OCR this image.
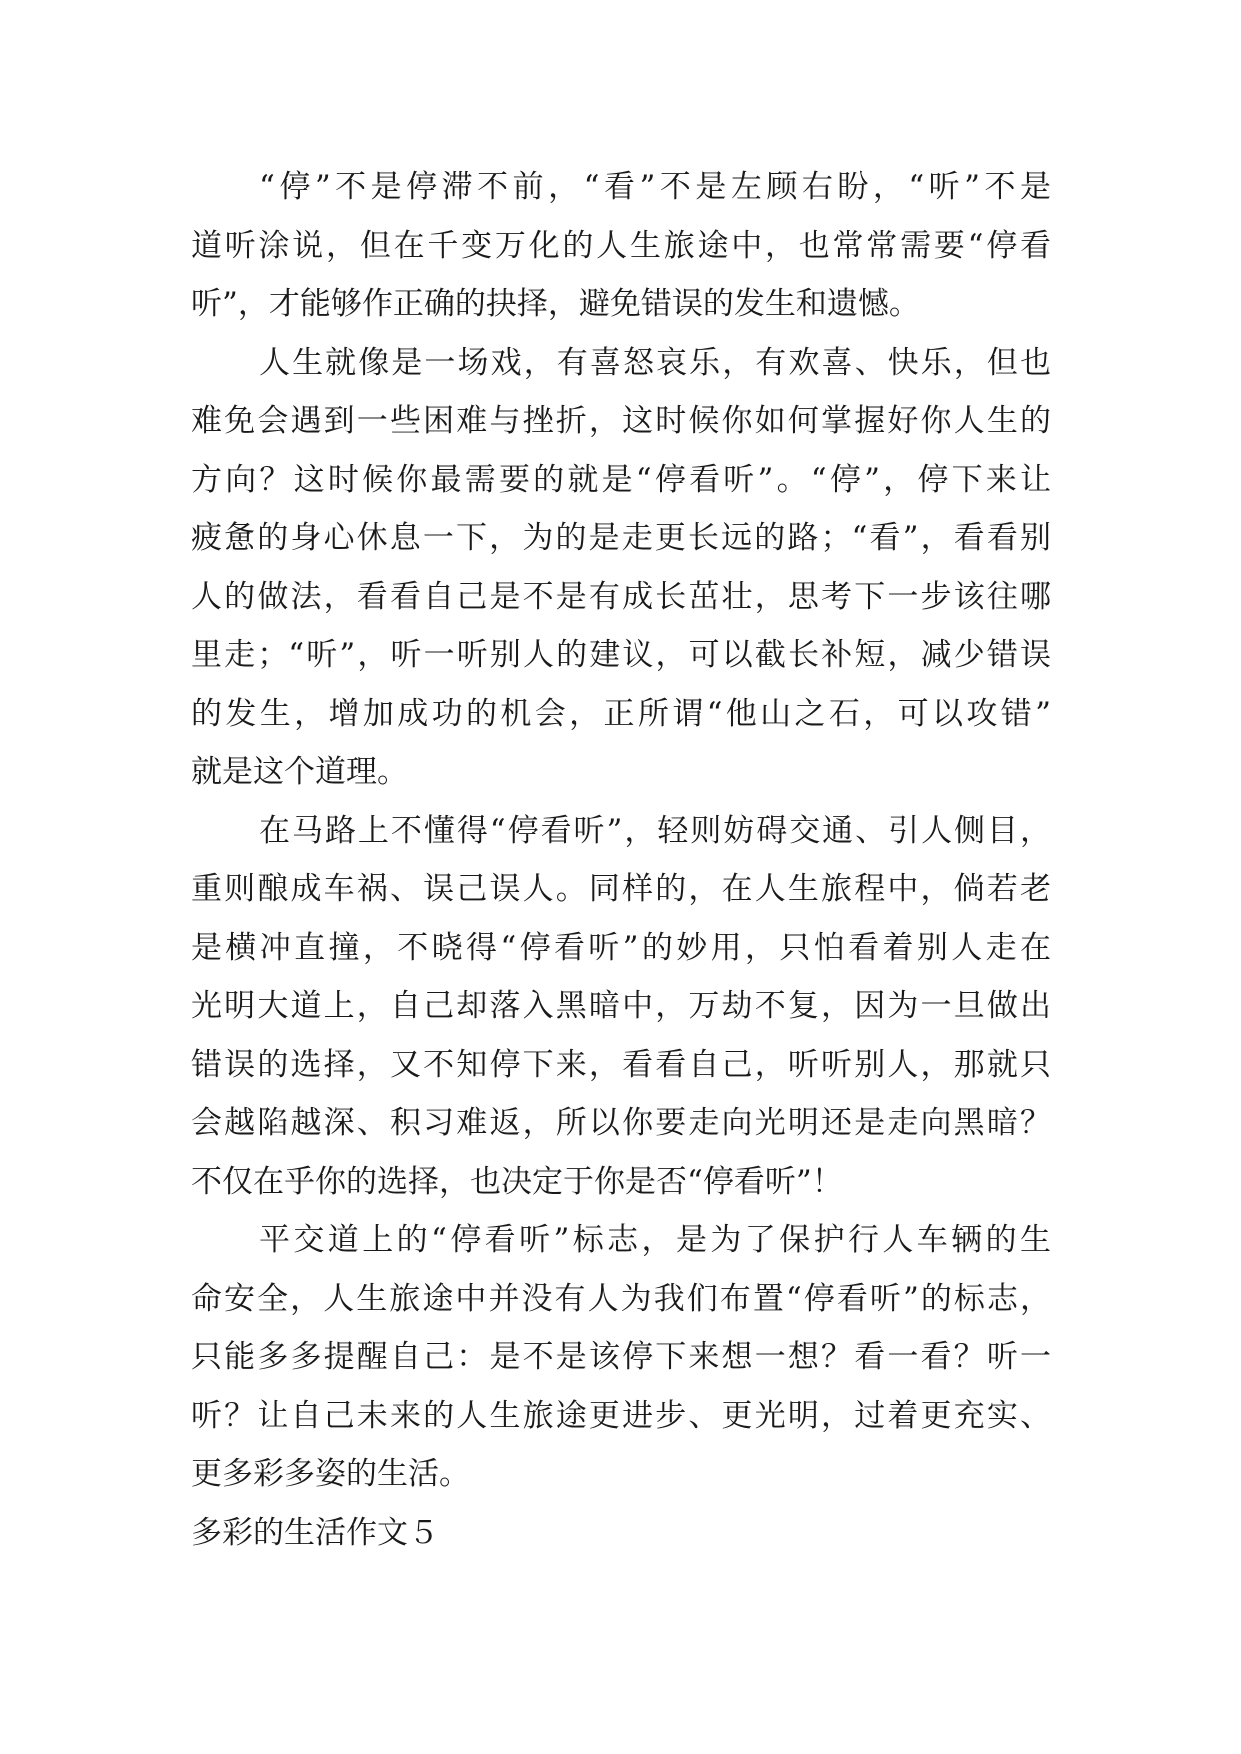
“停”不是停滞不前，“看”不是左顾右盼，“听”不是
道听涂说，但在千变万化的人生旅途中，也常常需要“停看
听”，才能够作正确的抉择，避免错误的发生和遗憾。
人生就像是一场戏，有喜怒哀乐，有欢喜、快乐，但也
难免会遇到一些困难与挫折，这时候你如何掌握好你人生的
方向？这时候你最需要的就是“停看听”。“停”，停下来让
疲惫的身心休息一下，为的是走更长远的路；“看”，看看别
人的做法，看看自己是不是有成长茁壮，思考下一步该往哪
里走；“听”，听一听别人的建议，可以截长补短，减少错误
的发生，增加成功的机会，正所谓“他山之石，可以攻错”
就是这个道理。
在马路上不懂得“停看听”，轻则妨碍交通、引人侧目，
重则酿成车祸、误己误人。同样的，在人生旅程中，倘若老
是横冲直撞，不晓得“停看听”的妙用，只怕看着别人走在
光明大道上，自己却落入黑暗中，万劫不复，因为一旦做出
错误的选择，又不知停下来，看看自己，听听别人，那就只
会越陷越深、积习难返，所以你要走向光明还是走向黑暗？
不仅在乎你的选择，也决定于你是否“停看听”！
平交道上的“停看听”标志，是为了保护行人车辆的生
命安全，人生旅途中并没有人为我们布置“停看听”的标志，
只能多多提醒自己：是不是该停下来想一想？看一看？听一
听？让自己未来的人生旅途更进步、更光明，过着更充实、
更多彩多姿的生活。
多彩的生活作文５
